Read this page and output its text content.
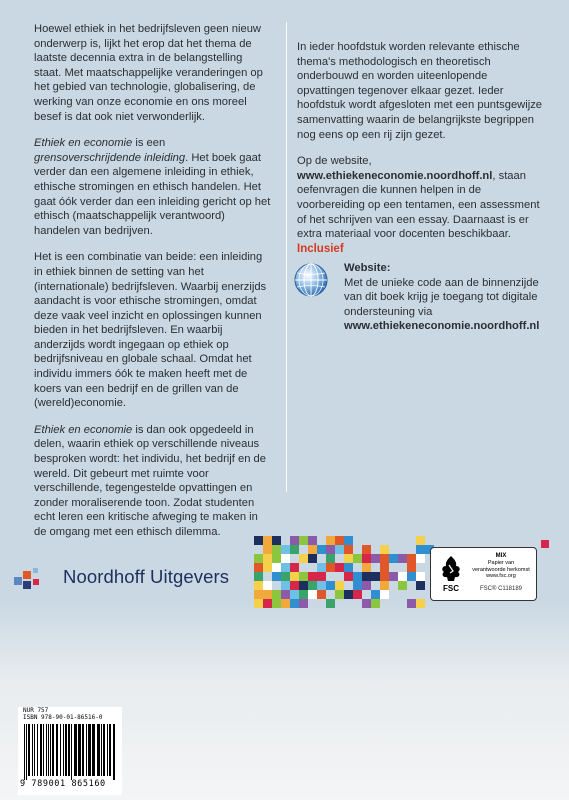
Hoewel ethiek in het bedrijfsleven geen nieuw onderwerp is, lijkt het erop dat het thema de laatste decennia extra in de belangstelling staat. Met maatschappelijke veranderingen op het gebied van technologie, globalisering, de werking van onze economie en ons moreel besef is dat ook niet verwonderlijk.

Ethiek en economie is een grensoverschrijdende inleiding. Het boek gaat verder dan een algemene inleiding in ethiek, ethische stromingen en ethisch handelen. Het gaat óók verder dan een inleiding gericht op het ethisch (maatschappelijk verantwoord) handelen van bedrijven.

Het is een combinatie van beide: een inleiding in ethiek binnen de setting van het (internationale) bedrijfsleven. Waarbij enerzijds aandacht is voor ethische stromingen, omdat deze vaak veel inzicht en oplossingen kunnen bieden in het bedrijfsleven. En waarbij anderzijds wordt ingegaan op ethiek op bedrijfsniveau en globale schaal. Omdat het individu immers óók te maken heeft met de koers van een bedrijf en de grillen van de (wereld)economie.

Ethiek en economie is dan ook opgedeeld in delen, waarin ethiek op verschillende niveaus besproken wordt: het individu, het bedrijf en de wereld. Dit gebeurt met ruimte voor verschillende, tegengestelde opvattingen en zonder moraliserende toon. Zodat studenten echt leren een kritische afweging te maken in de omgang met een ethisch dilemma.

In ieder hoofdstuk worden relevante ethische thema's methodologisch en theoretisch onderbouwd en worden uiteenlopende opvattingen tegenover elkaar gezet. Ieder hoofdstuk wordt afgesloten met een puntsgewijze samenvatting waarin de belangrijkste begrippen nog eens op een rij zijn gezet.

Op de website, www.ethiekeneconomie.noordhoff.nl, staan oefenvragen die kunnen helpen in de voorbereiding op een tentamen, een assessment of het schrijven van een essay. Daarnaast is er extra materiaal voor docenten beschikbaar.

Inclusief
Website:
Met de unieke code aan de binnenzijde van dit boek krijg je toegang tot digitale ondersteuning via
www.ethiekeneconomie.noordhoff.nl
Noordhoff Uitgevers
FSC
MIX
Papier van
verantwoorde herkomst
www.fsc.org
FSC® C118189
NUR 757
ISBN 978-90-01-86516-0
9 789001 865160
